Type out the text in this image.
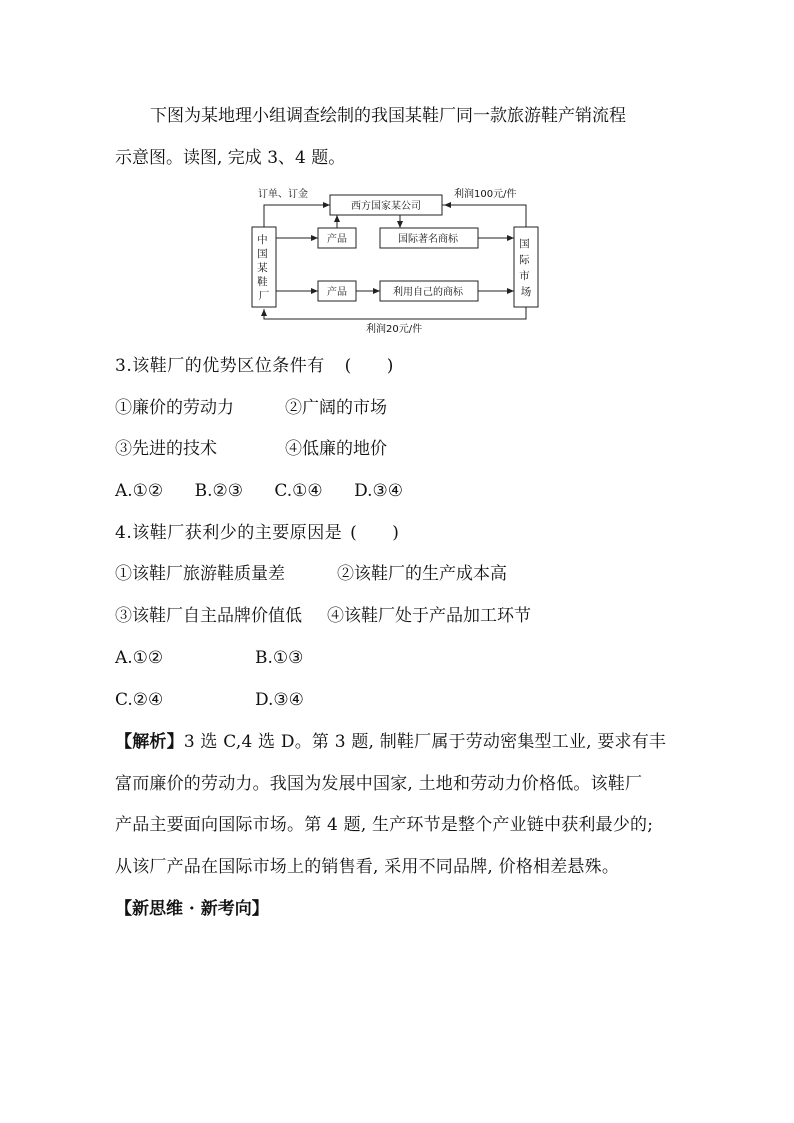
下图为某地理小组调查绘制的我国某鞋厂同一款旅游鞋产销流程
示意图。读图, 完成 3、4 题。
订单、订金	利润100元/件
利润20元/件
西方国家某公司
中 国 某 鞋 厂
国 际 市 场
产品	国际著名商标
产品	利用自己的商标
3.该鞋厂的优势区位条件有 (　　)
①廉价的劳动力	②广阔的市场
③先进的技术	④低廉的地价
A.①② B.②③ C.①④ D.③④
4.该鞋厂获利少的主要原因是 (　　)
①该鞋厂旅游鞋质量差	②该鞋厂的生产成本高
③该鞋厂自主品牌价值低 ④该鞋厂处于产品加工环节
A.①②	B.①③
C.②④	D.③④
【解析】3 选 C,4 选 D。第 3 题, 制鞋厂属于劳动密集型工业, 要求有丰
富而廉价的劳动力。我国为发展中国家, 土地和劳动力价格低。该鞋厂
产品主要面向国际市场。第 4 题, 生产环节是整个产业链中获利最少的;
从该厂产品在国际市场上的销售看, 采用不同品牌, 价格相差悬殊。
【新思维 · 新考向】
